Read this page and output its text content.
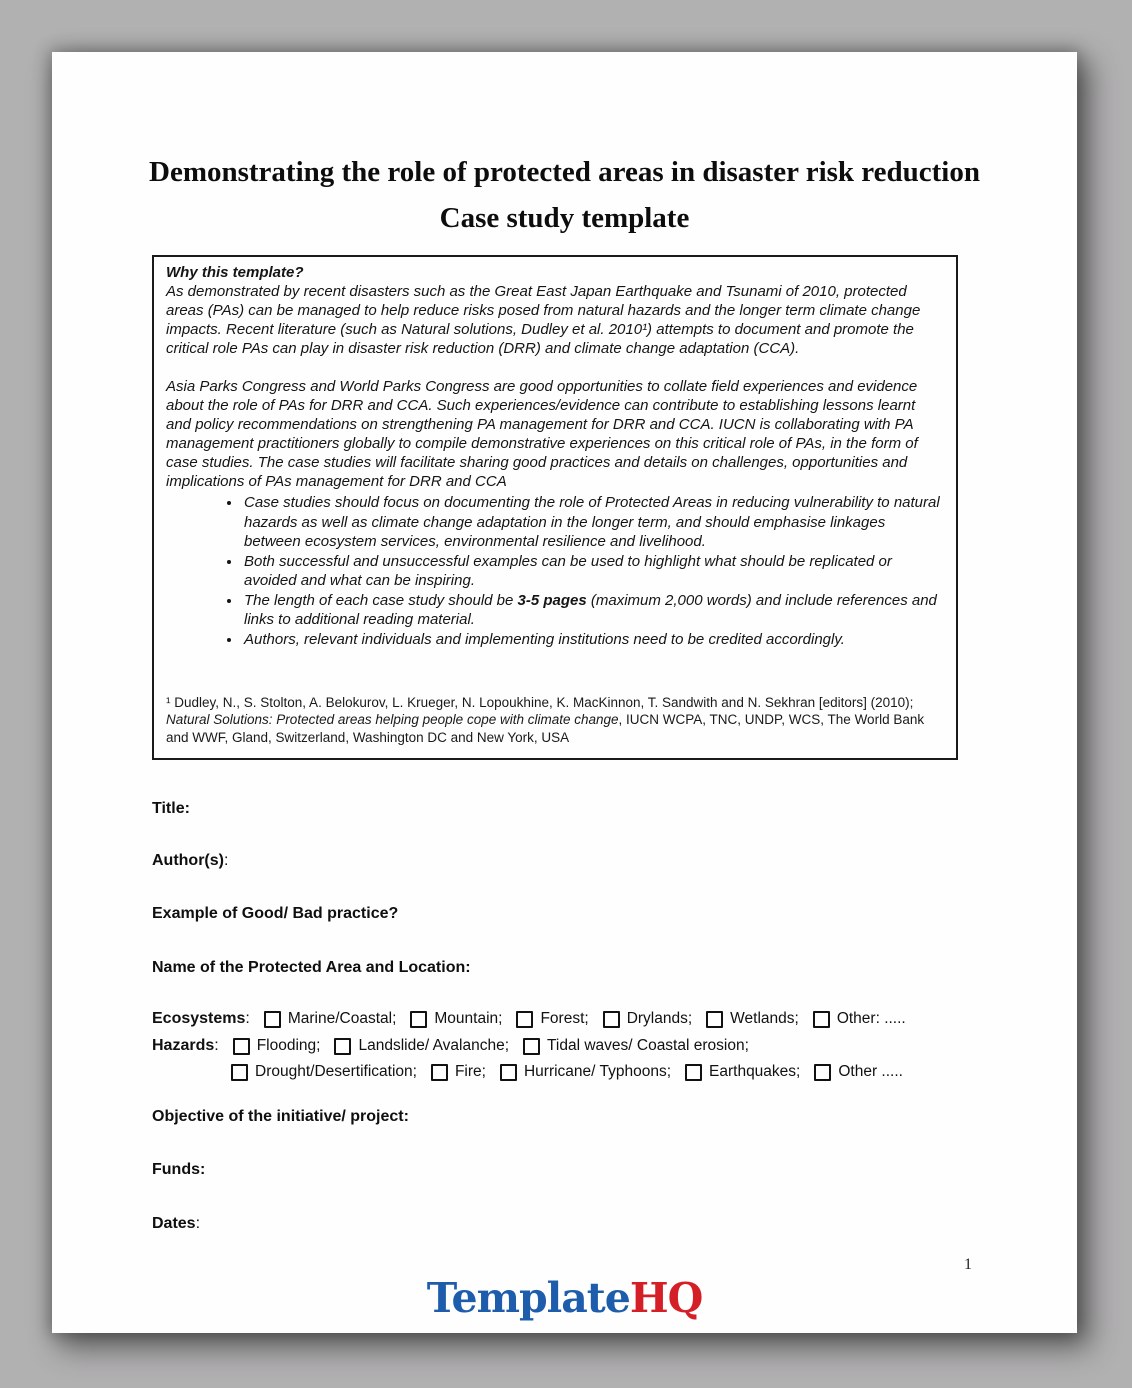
Demonstrating the role of protected areas in disaster risk reduction
Case study template

Why this template?

As demonstrated by recent disasters such as the Great East Japan Earthquake and Tsunami of 2010, protected areas (PAs) can be managed to help reduce risks posed from natural hazards and the longer term climate change impacts. Recent literature (such as Natural solutions, Dudley et al. 2010¹) attempts to document and promote the critical role PAs can play in disaster risk reduction (DRR) and climate change adaptation (CCA).

Asia Parks Congress and World Parks Congress are good opportunities to collate field experiences and evidence about the role of PAs for DRR and CCA. Such experiences/evidence can contribute to establishing lessons learnt and policy recommendations on strengthening PA management for DRR and CCA. IUCN is collaborating with PA management practitioners globally to compile demonstrative experiences on this critical role of PAs, in the form of case studies. The case studies will facilitate sharing good practices and details on challenges, opportunities and implications of PAs management for DRR and CCA

• Case studies should focus on documenting the role of Protected Areas in reducing vulnerability to natural hazards as well as climate change adaptation in the longer term, and should emphasise linkages between ecosystem services, environmental resilience and livelihood.
• Both successful and unsuccessful examples can be used to highlight what should be replicated or avoided and what can be inspiring.
• The length of each case study should be 3-5 pages (maximum 2,000 words) and include references and links to additional reading material.
• Authors, relevant individuals and implementing institutions need to be credited accordingly.
¹ Dudley, N., S. Stolton, A. Belokurov, L. Krueger, N. Lopoukhine, K. MacKinnon, T. Sandwith and N. Sekhran [editors] (2010); Natural Solutions: Protected areas helping people cope with climate change, IUCN WCPA, TNC, UNDP, WCS, The World Bank and WWF, Gland, Switzerland, Washington DC and New York, USA
Title:
Author(s):
Example of Good/ Bad practice?
Name of the Protected Area and Location:
Ecosystems: Marine/Coastal; Mountain; Forest; Drylands; Wetlands; Other: .....
Hazards: Flooding; Landslide/ Avalanche; Tidal waves/ Coastal erosion;
Drought/Desertification; Fire; Hurricane/ Typhoons; Earthquakes; Other .....
Objective of the initiative/ project:
Funds:
Dates:
1
TemplateHQ
